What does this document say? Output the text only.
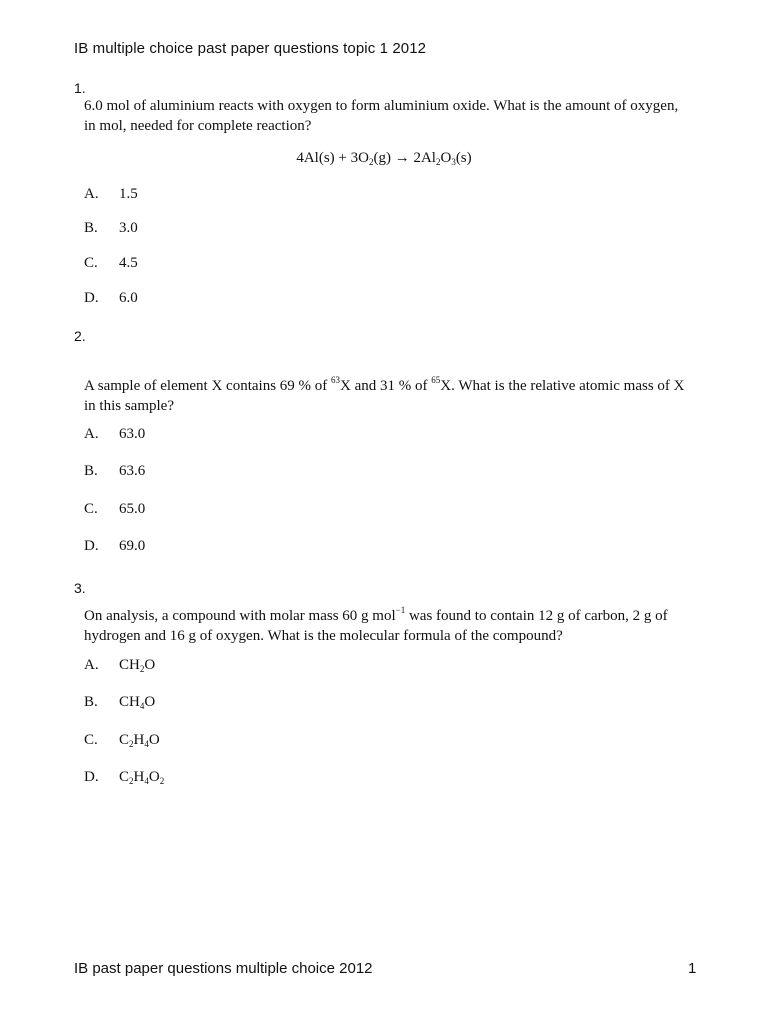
IB multiple choice past paper questions topic 1 2012
1.
6.0 mol of aluminium reacts with oxygen to form aluminium oxide. What is the amount of oxygen,
in mol, needed for complete reaction?
$4Al(s) + 3O_2(g) \to 2Al_2O_3(s)$
A. 1.5
B. 3.0
C. 4.5
D. 6.0
2.
A sample of element X contains 69 % of $^{63}$X and 31 % of $^{65}$X. What is the relative atomic mass of X
in this sample?
A. 63.0
B. 63.6
C. 65.0
D. 69.0
3.
On analysis, a compound with molar mass 60 g mol$^{-1}$ was found to contain 12 g of carbon, 2 g of
hydrogen and 16 g of oxygen. What is the molecular formula of the compound?
A. $CH_2O$
B. $CH_4O$
C. $C_2H_4O$
D. $C_2H_4O_2$
IB past paper questions multiple choice 2012	1
